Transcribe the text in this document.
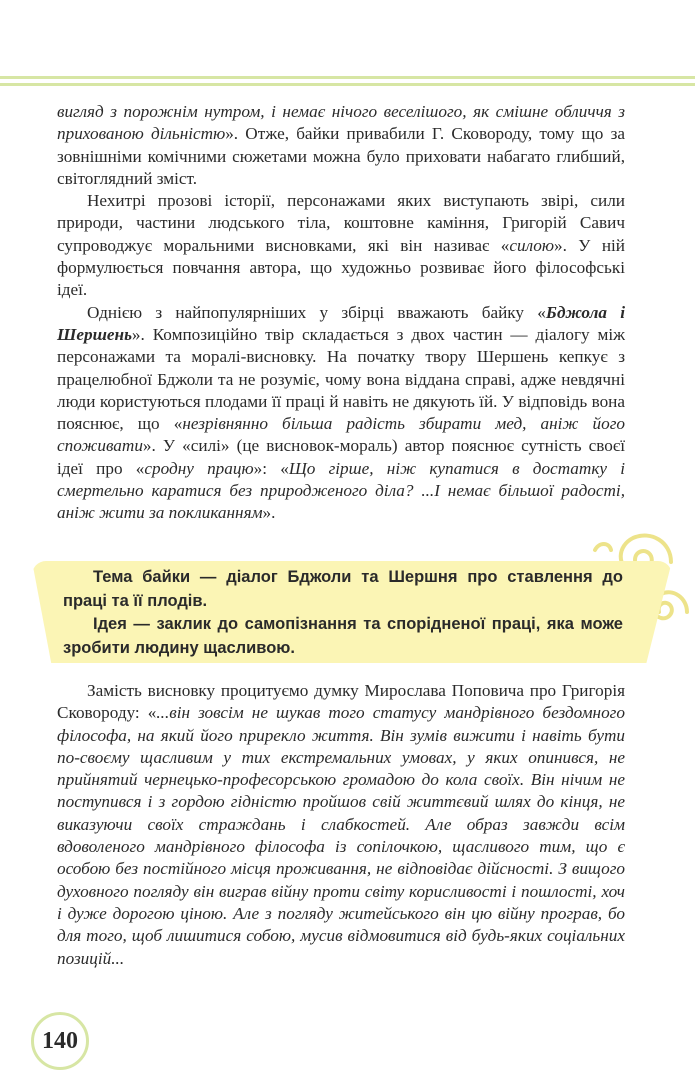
вигляд з порожнім нутром, і немає нічого веселішого, як смішне обличчя з прихованою дільністю». Отже, байки привабили Г. Сковороду, тому що за зовнішніми комічними сюжетами можна було приховати набагато глибший, світоглядний зміст.

Нехитрі прозові історії, персонажами яких виступають звірі, сили природи, частини людського тіла, коштовне каміння, Григорій Савич супроводжує моральними висновками, які він називає «силою». У ній формулюється повчання автора, що художньо розвиває його філософські ідеї.

Однією з найпопулярніших у збірці вважають байку «Бджола і Шершень». Композиційно твір складається з двох частин — діалогу між персонажами та моралі-висновку. На початку твору Шершень кепкує з працелюбної Бджоли та не розуміє, чому вона віддана справі, адже невдячні люди користуються плодами її праці й навіть не дякують їй. У відповідь вона пояснює, що «незрівнянно більша радість збирати мед, аніж його споживати». У «силі» (це висновок-мораль) автор пояснює сутність своєї ідеї про «сродну працю»: «Що гірше, ніж купатися в достатку і смертельно каратися без природженого діла? ...І немає більшої радості, аніж жити за покликанням».

Тема байки — діалог Бджоли та Шершня про ставлення до праці та її плодів.

Ідея — заклик до самопізнання та спорідненої праці, яка може зробити людину щасливою.

Замість висновку процитуємо думку Мирослава Поповича про Григорія Сковороду: «...він зовсім не шукав того статусу мандрівного бездомного філософа, на який його прирекло життя. Він зумів вижити і навіть бути по-своєму щасливим у тих екстремальних умовах, у яких опинився, не прийнятий чернецько-професорською громадою до кола своїх. Він нічим не поступився і з гордою гідністю пройшов свій життєвий шлях до кінця, не виказуючи своїх страждань і слабкостей. Але образ завжди всім вдоволеного мандрівного філософа із сопілочкою, щасливого тим, що є особою без постійного місця проживання, не відповідає дійсності. З вищого духовного погляду він виграв війну проти світу корисливості і пошлості, хоч і дуже дорогою ціною. Але з погляду житейського він цю війну програв, бо для того, щоб лишитися собою, мусив відмовитися від будь-яких соціальних позицій...

140
